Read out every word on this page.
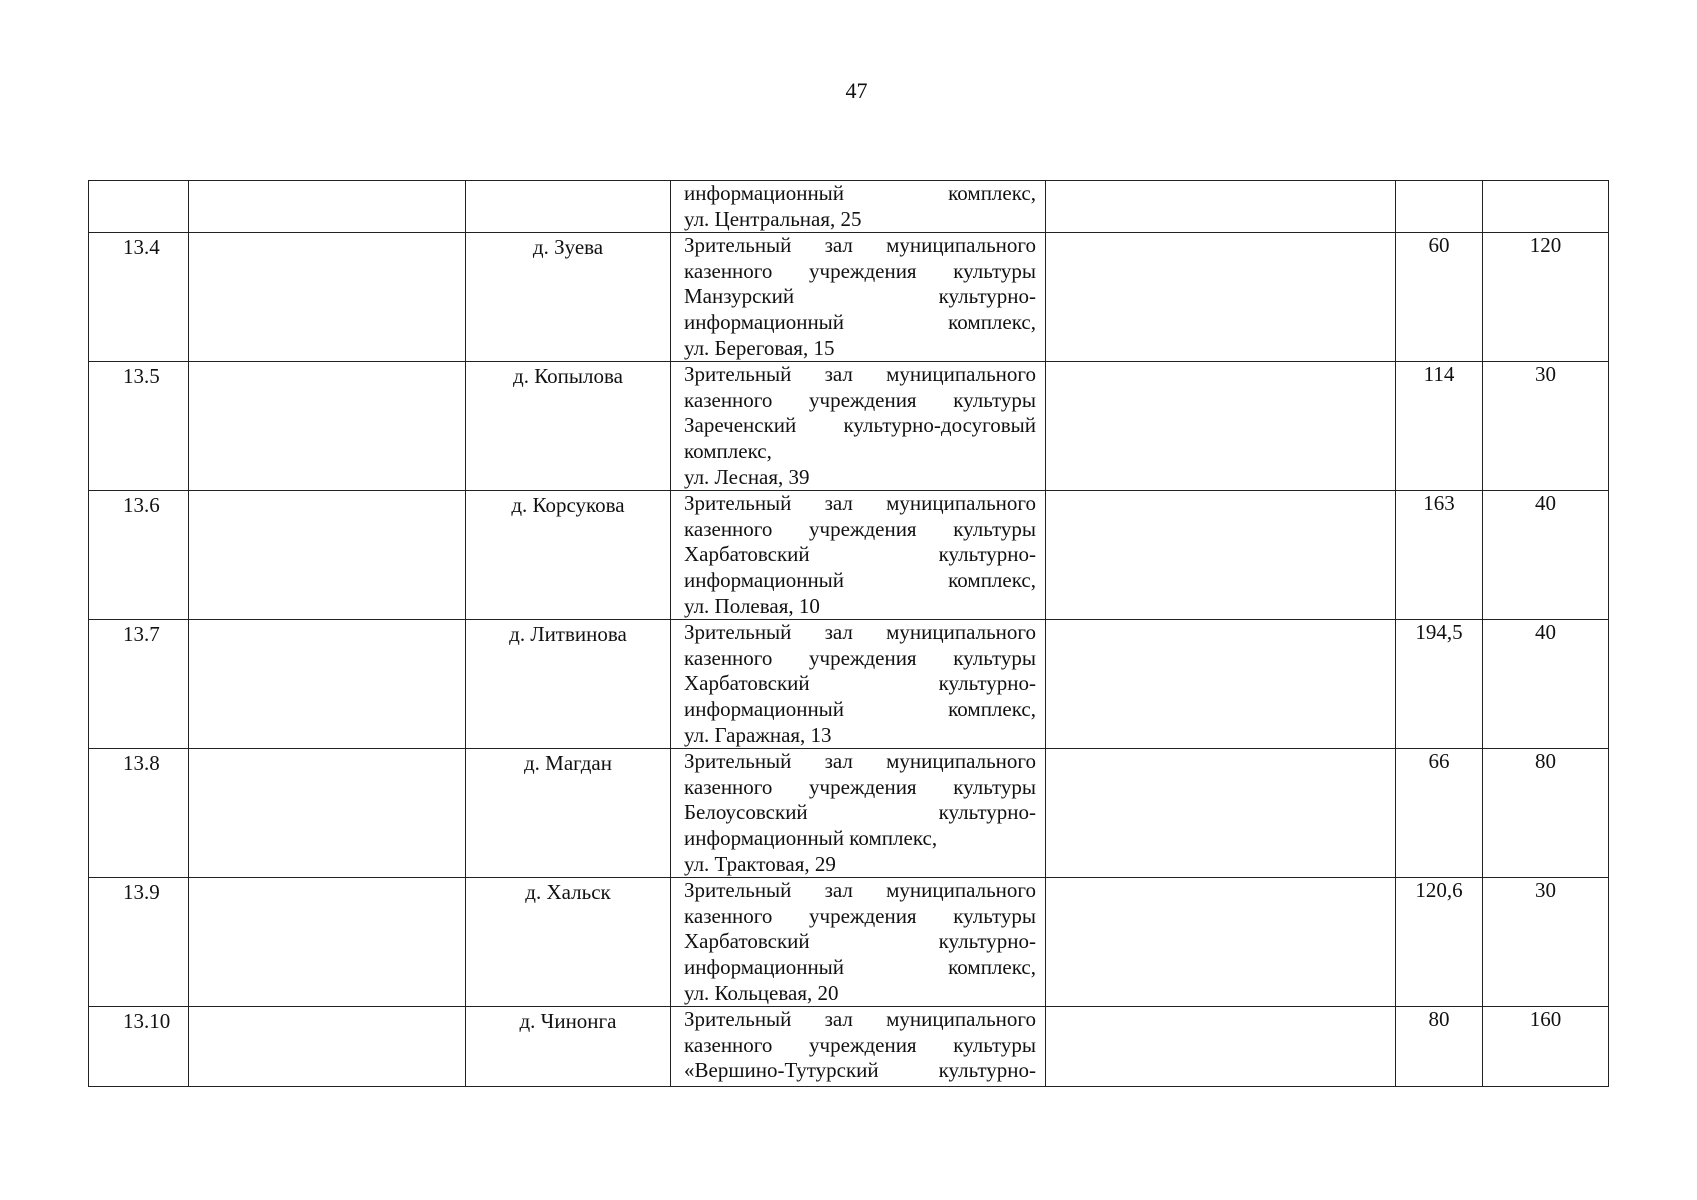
47

			информационный комплекс,
ул. Центральная, 25			

13.4		д. Зуева	Зрительный зал муниципального
казенного учреждения культуры
Манзурский культурно-
информационный комплекс,
ул. Береговая, 15		60	120
13.5		д. Копылова	Зрительный зал муниципального
казенного учреждения культуры
Зареченский культурно-досуговый
комплекс,
ул. Лесная, 39		114	30
13.6		д. Корсукова	Зрительный зал муниципального
казенного учреждения культуры
Харбатовский культурно-
информационный комплекс,
ул. Полевая, 10		163	40
13.7		д. Литвинова	Зрительный зал муниципального
казенного учреждения культуры
Харбатовский культурно-
информационный комплекс,
ул. Гаражная, 13		194,5	40
13.8		д. Магдан	Зрительный зал муниципального
казенного учреждения культуры
Белоусовский культурно-
информационный комплекс,
ул. Трактовая, 29		66	80
13.9		д. Хальск	Зрительный зал муниципального
казенного учреждения культуры
Харбатовский культурно-
информационный комплекс,
ул. Кольцевая, 20		120,6	30
13.10		д. Чинонга	Зрительный зал муниципального
казенного учреждения культуры
«Вершино-Тутурский культурно-		80	160
